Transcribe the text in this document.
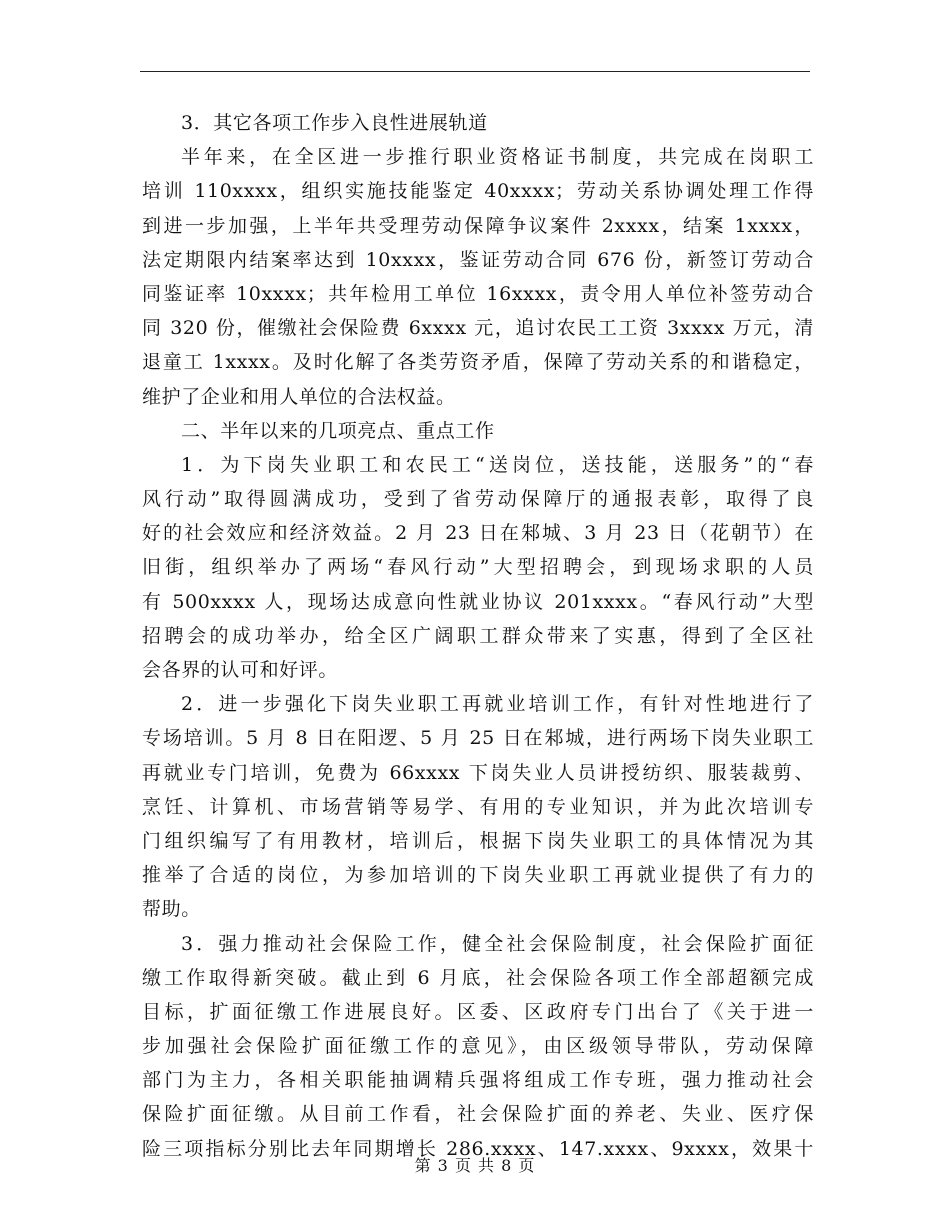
3．其它各项工作步入良性进展轨道
半年来，在全区进一步推行职业资格证书制度，共完成在岗职工
培训 110xxxx，组织实施技能鉴定 40xxxx；劳动关系协调处理工作得
到进一步加强，上半年共受理劳动保障争议案件 2xxxx，结案 1xxxx，
法定期限内结案率达到 10xxxx，鉴证劳动合同 676 份，新签订劳动合
同鉴证率 10xxxx；共年检用工单位 16xxxx，责令用人单位补签劳动合
同 320 份，催缴社会保险费 6xxxx 元，追讨农民工工资 3xxxx 万元，清
退童工 1xxxx。及时化解了各类劳资矛盾，保障了劳动关系的和谐稳定，
维护了企业和用人单位的合法权益。
二、半年以来的几项亮点、重点工作
1．为下岗失业职工和农民工“送岗位，送技能，送服务”的“春
风行动”取得圆满成功，受到了省劳动保障厅的通报表彰，取得了良
好的社会效应和经济效益。2 月 23 日在邾城、3 月 23 日（花朝节）在
旧街，组织举办了两场“春风行动”大型招聘会，到现场求职的人员
有 500xxxx 人，现场达成意向性就业协议 201xxxx。“春风行动”大型
招聘会的成功举办，给全区广阔职工群众带来了实惠，得到了全区社
会各界的认可和好评。
2．进一步强化下岗失业职工再就业培训工作，有针对性地进行了
专场培训。5 月 8 日在阳逻、5 月 25 日在邾城，进行两场下岗失业职工
再就业专门培训，免费为 66xxxx 下岗失业人员讲授纺织、服装裁剪、
烹饪、计算机、市场营销等易学、有用的专业知识，并为此次培训专
门组织编写了有用教材，培训后，根据下岗失业职工的具体情况为其
推举了合适的岗位，为参加培训的下岗失业职工再就业提供了有力的
帮助。
3．强力推动社会保险工作，健全社会保险制度，社会保险扩面征
缴工作取得新突破。截止到 6 月底，社会保险各项工作全部超额完成
目标，扩面征缴工作进展良好。区委、区政府专门出台了《关于进一
步加强社会保险扩面征缴工作的意见》，由区级领导带队，劳动保障
部门为主力，各相关职能抽调精兵强将组成工作专班，强力推动社会
保险扩面征缴。从目前工作看，社会保险扩面的养老、失业、医疗保
险三项指标分别比去年同期增长 286.xxxx、147.xxxx、9xxxx，效果十
第 3 页 共 8 页
